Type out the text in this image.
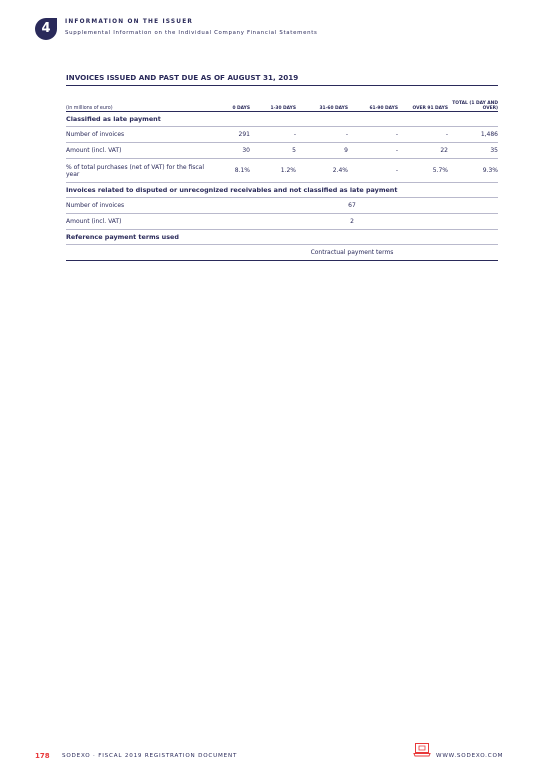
4	INFORMATION ON THE ISSUER
Supplemental Information on the Individual Company Financial Statements
INVOICES ISSUED AND PAST DUE AS OF AUGUST 31, 2019
(in millions of euro)	0 DAYS	1-30 DAYS	31-60 DAYS	61-90 DAYS	OVER 91 DAYS	TOTAL (1 DAY AND OVER)
Classified as late payment						
Number of invoices	291	-	-	-	-	1,486
Amount (incl. VAT)	30	5	9	-	22	35
% of total purchases (net of VAT) for the fiscal year	8.1%	1.2%	2.4%	-	5.7%	9.3%
Invoices related to disputed or unrecognized receivables and not classified as late payment						
Number of invoices	67					
Amount (incl. VAT)	2					
Reference payment terms used						
	Contractual payment terms					
178 SODEXO · FISCAL 2019 REGISTRATION DOCUMENT	WWW.SODEXO.COM
